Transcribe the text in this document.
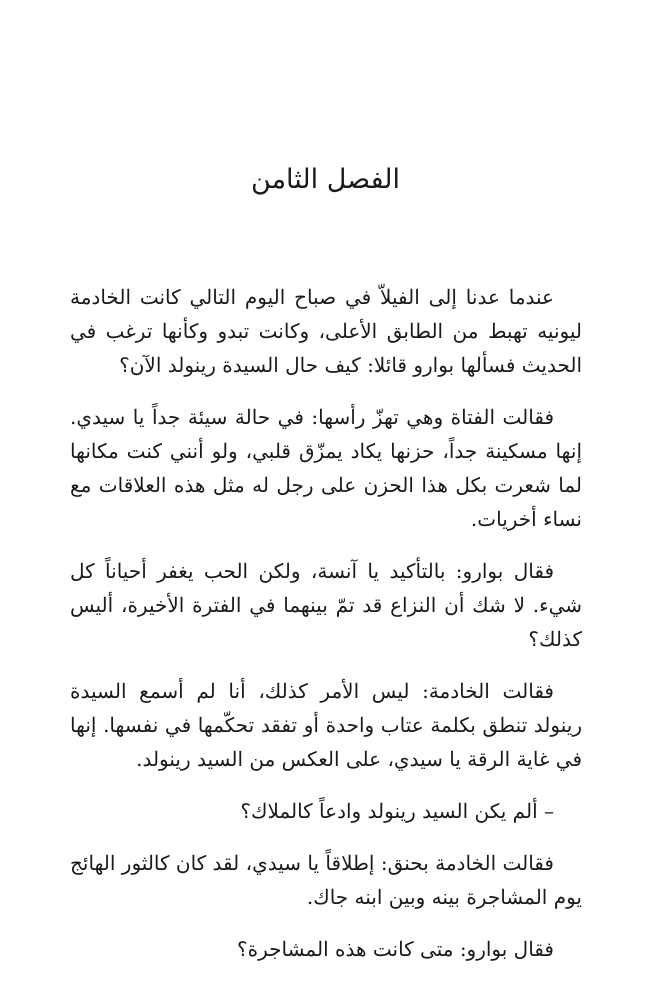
الفصل الثامن

عندما عدنا إلى الفيلاّ في صباح اليوم التالي كانت الخادمة ليونيه تهبط من الطابق الأعلى، وكانت تبدو وكأنها ترغب في الحديث فسألها بوارو قائلا: كيف حال السيدة رينولد الآن؟

فقالت الفتاة وهي تهزّ رأسها: في حالة سيئة جداً يا سيدي. إنها مسكينة جداً، حزنها يكاد يمزّق قلبي، ولو أنني كنت مكانها لما شعرت بكل هذا الحزن على رجل له مثل هذه العلاقات مع نساء أخريات.

فقال بوارو: بالتأكيد يا آنسة، ولكن الحب يغفر أحياناً كل شيء. لا شك أن النزاع قد تمّ بينهما في الفترة الأخيرة، أليس كذلك؟

فقالت الخادمة: ليس الأمر كذلك، أنا لم أسمع السيدة رينولد تنطق بكلمة عتاب واحدة أو تفقد تحكّمها في نفسها. إنها في غاية الرقة يا سيدي، على العكس من السيد رينولد.

– ألم يكن السيد رينولد وادعاً كالملاك؟

فقالت الخادمة بحنق: إطلاقاً يا سيدي، لقد كان كالثور الهائج يوم المشاجرة بينه وبين ابنه جاك.

فقال بوارو: متى كانت هذه المشاجرة؟
